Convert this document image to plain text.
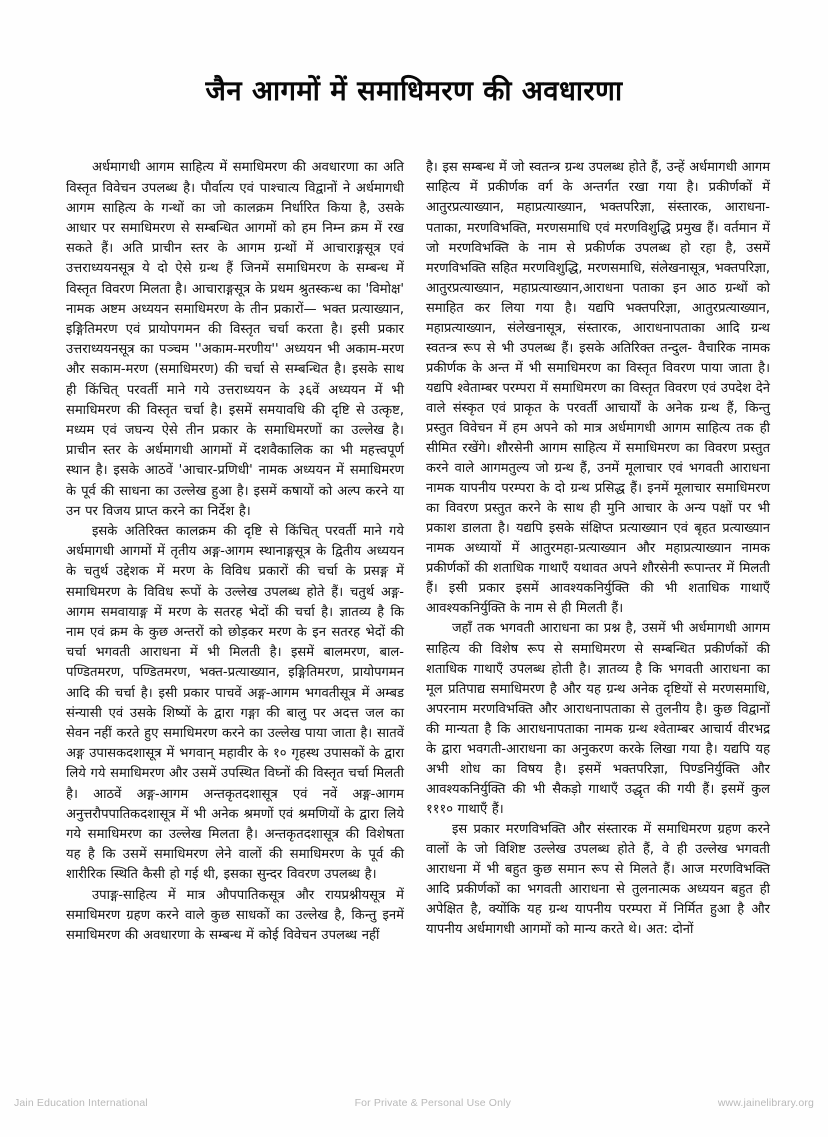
जैन आगमों में समाधिमरण की अवधारणा

अर्धमागधी आगम साहित्य में समाधिमरण की अवधारणा का अति विस्तृत विवेचन उपलब्ध है। पौर्वात्य एवं पाश्चात्य विद्वानों ने अर्धमागधी आगम साहित्य के गन्थों का जो कालक्रम निर्धारित किया है, उसके आधार पर समाधिमरण से सम्बन्धित आगमों को हम निम्न क्रम में रख सकते हैं। अति प्राचीन स्तर के आगम ग्रन्थों में आचाराङ्गसूत्र एवं उत्तराध्ययनसूत्र ये दो ऐसे ग्रन्थ हैं जिनमें समाधिमरण के सम्बन्ध में विस्तृत विवरण मिलता है। आचाराङ्गसूत्र के प्रथम श्रुतस्कन्ध का 'विमोक्ष' नामक अष्टम अध्ययन समाधिमरण के तीन प्रकारों— भक्त प्रत्याख्यान, इङ्गितिमरण एवं प्रायोपगमन की विस्तृत चर्चा करता है। इसी प्रकार उत्तराध्ययनसूत्र का पञ्चम ''अकाम-मरणीय'' अध्ययन भी अकाम-मरण और सकाम-मरण (समाधिमरण) की चर्चा से सम्बन्धित है। इसके साथ ही किंचित् परवर्ती माने गये उत्तराध्ययन के ३६वें अध्ययन में भी समाधिमरण की विस्तृत चर्चा है। इसमें समयावधि की दृष्टि से उत्कृष्ट, मध्यम एवं जघन्य ऐसे तीन प्रकार के समाधिमरणों का उल्लेख है। प्राचीन स्तर के अर्धमागधी आगमों में दशवैकालिक का भी महत्त्वपूर्ण स्थान है। इसके आठवें 'आचार-प्रणिधी' नामक अध्ययन में समाधिमरण के पूर्व की साधना का उल्लेख हुआ है। इसमें कषायों को अल्प करने या उन पर विजय प्राप्त करने का निर्देश है।

इसके अतिरिक्त कालक्रम की दृष्टि से किंचित् परवर्ती माने गये अर्धमागधी आगमों में तृतीय अङ्ग-आगम स्थानाङ्गसूत्र के द्वितीय अध्ययन के चतुर्थ उद्देशक में मरण के विविध प्रकारों की चर्चा के प्रसङ्ग में समाधिमरण के विविध रूपों के उल्लेख उपलब्ध होते हैं। चतुर्थ अङ्ग-आगम समवायाङ्ग में मरण के सतरह भेदों की चर्चा है। ज्ञातव्य है कि नाम एवं क्रम के कुछ अन्तरों को छोड़कर मरण के इन सतरह भेदों की चर्चा भगवती आराधना में भी मिलती है। इसमें बालमरण, बाल- पण्डितमरण, पण्डितमरण, भक्त-प्रत्याख्यान, इङ्गितिमरण, प्रायोपगमन आदि की चर्चा है। इसी प्रकार पाचवें अङ्ग-आगम भगवतीसूत्र में अम्बड संन्यासी एवं उसके शिष्यों के द्वारा गङ्गा की बालु पर अदत्त जल का सेवन नहीं करते हुए समाधिमरण करने का उल्लेख पाया जाता है। सातवें अङ्ग उपासकदशासूत्र में भगवान् महावीर के १० गृहस्थ उपासकों के द्वारा लिये गये समाधिमरण और उसमें उपस्थित विघ्नों की विस्तृत चर्चा मिलती है। आठवें अङ्ग-आगम अन्तकृतदशासूत्र एवं नवें अङ्ग-आगम अनुत्तरौपपातिकदशासूत्र में भी अनेक श्रमणों एवं श्रमणियों के द्वारा लिये गये समाधिमरण का उल्लेख मिलता है। अन्तकृतदशासूत्र की विशेषता यह है कि उसमें समाधिमरण लेने वालों की समाधिमरण के पूर्व की शारीरिक स्थिति कैसी हो गई थी, इसका सुन्दर विवरण उपलब्ध है।

उपाङ्ग-साहित्य में मात्र औपपातिकसूत्र और रायप्रश्नीयसूत्र में समाधिमरण ग्रहण करने वाले कुछ साधकों का उल्लेख है, किन्तु इनमें समाधिमरण की अवधारणा के सम्बन्ध में कोई विवेचन उपलब्ध नहीं

है। इस सम्बन्ध में जो स्वतन्त्र ग्रन्थ उपलब्ध होते हैं, उन्हें अर्धमागधी आगम साहित्य में प्रकीर्णक वर्ग के अन्तर्गत रखा गया है। प्रकीर्णकों में आतुरप्रत्याख्यान, महाप्रत्याख्यान, भक्तपरिज्ञा, संस्तारक, आराधना-पताका, मरणविभक्ति, मरणसमाधि एवं मरणविशुद्धि प्रमुख हैं। वर्तमान में जो मरणविभक्ति के नाम से प्रकीर्णक उपलब्ध हो रहा है, उसमें मरणविभक्ति सहित मरणविशुद्धि, मरणसमाधि, संलेखनासूत्र, भक्तपरिज्ञा, आतुरप्रत्याख्यान, महाप्रत्याख्यान,आराधना पताका इन आठ ग्रन्थों को समाहित कर लिया गया है। यद्यपि भक्तपरिज्ञा, आतुरप्रत्याख्यान, महाप्रत्याख्यान, संलेखनासूत्र, संस्तारक, आराधनापताका आदि ग्रन्थ स्वतन्त्र रूप से भी उपलब्ध हैं। इसके अतिरिक्त तन्दुल- वैचारिक नामक प्रकीर्णक के अन्त में भी समाधिमरण का विस्तृत विवरण पाया जाता है। यद्यपि श्वेताम्बर परम्परा में समाधिमरण का विस्तृत विवरण एवं उपदेश देने वाले संस्कृत एवं प्राकृत के परवर्ती आचार्यों के अनेक ग्रन्थ हैं, किन्तु प्रस्तुत विवेचन में हम अपने को मात्र अर्धमागधी आगम साहित्य तक ही सीमित रखेंगे। शौरसेनी आगम साहित्य में समाधिमरण का विवरण प्रस्तुत करने वाले आगमतुल्य जो ग्रन्थ हैं, उनमें मूलाचार एवं भगवती आराधना नामक यापनीय परम्परा के दो ग्रन्थ प्रसिद्ध हैं। इनमें मूलाचार समाधिमरण का विवरण प्रस्तुत करने के साथ ही मुनि आचार के अन्य पक्षों पर भी प्रकाश डालता है। यद्यपि इसके संक्षिप्त प्रत्याख्यान एवं बृहत प्रत्याख्यान नामक अध्यायों में आतुरमहा-प्रत्याख्यान और महाप्रत्याख्यान नामक प्रकीर्णकों की शताधिक गाथाएँ यथावत अपने शौरसेनी रूपान्तर में मिलती हैं। इसी प्रकार इसमें आवश्यकनिर्युक्ति की भी शताधिक गाथाएँ आवश्यकनिर्युक्ति के नाम से ही मिलती हैं।

जहाँ तक भगवती आराधना का प्रश्न है, उसमें भी अर्धमागधी आगम साहित्य की विशेष रूप से समाधिमरण से सम्बन्धित प्रकीर्णकों की शताधिक गाथाएँ उपलब्ध होती है। ज्ञातव्य है कि भगवती आराधना का मूल प्रतिपाद्य समाधिमरण है और यह ग्रन्थ अनेक दृष्टियों से मरणसमाधि, अपरनाम मरणविभक्ति और आराधनापताका से तुलनीय है। कुछ विद्वानों की मान्यता है कि आराधनापताका नामक ग्रन्थ श्वेताम्बर आचार्य वीरभद्र के द्वारा भवगती-आराधना का अनुकरण करके लिखा गया है। यद्यपि यह अभी शोध का विषय है। इसमें भक्तपरिज्ञा, पिण्डनिर्युक्ति और आवश्यकनिर्युक्ति की भी सैकड़ो गाथाएँ उद्धृत की गयी हैं। इसमें कुल १११० गाथाएँ हैं।

इस प्रकार मरणविभक्ति और संस्तारक में समाधिमरण ग्रहण करने वालों के जो विशिष्ट उल्लेख उपलब्ध होते हैं, वे ही उल्लेख भगवती आराधना में भी बहुत कुछ समान रूप से मिलते हैं। आज मरणविभक्ति आदि प्रकीर्णकों का भगवती आराधना से तुलनात्मक अध्ययन बहुत ही अपेक्षित है, क्योंकि यह ग्रन्थ यापनीय परम्परा में निर्मित हुआ है और यापनीय अर्धमागधी आगमों को मान्य करते थे। अत: दोनों

Jain Education International	For Private & Personal Use Only	www.jainelibrary.org
